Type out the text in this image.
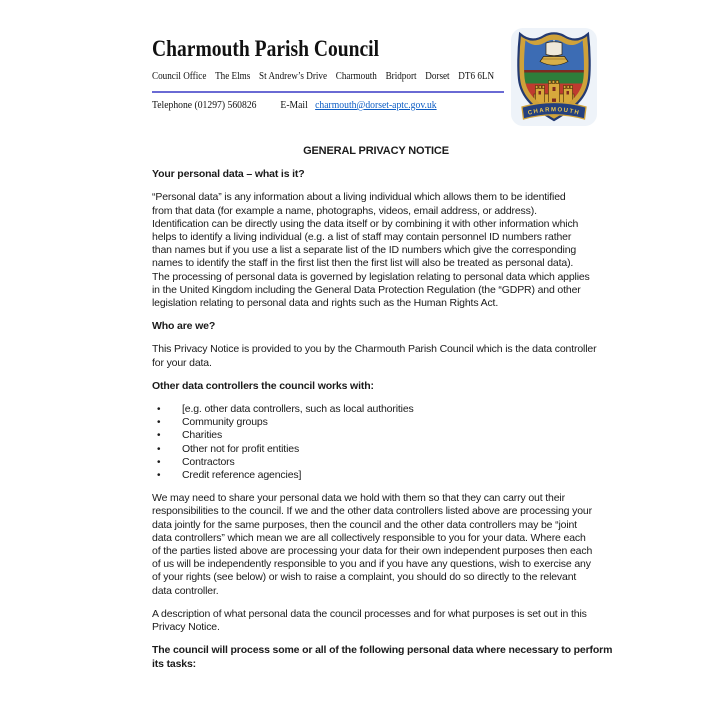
Charmouth Parish Council
Council Office The Elms St Andrew’s Drive Charmouth Bridport Dorset DT6 6LN
Telephone (01297) 560826 E-Mail charmouth@dorset-aptc.gov.uk
CHARMOUTH
GENERAL PRIVACY NOTICE
Your personal data – what is it?
“Personal data” is any information about a living individual which allows them to be identified
from that data (for example a name, photographs, videos, email address, or address).
Identification can be directly using the data itself or by combining it with other information which
helps to identify a living individual (e.g. a list of staff may contain personnel ID numbers rather
than names but if you use a list a separate list of the ID numbers which give the corresponding
names to identify the staff in the first list then the first list will also be treated as personal data).
The processing of personal data is governed by legislation relating to personal data which applies
in the United Kingdom including the General Data Protection Regulation (the “GDPR) and other
legislation relating to personal data and rights such as the Human Rights Act.
Who are we?
This Privacy Notice is provided to you by the Charmouth Parish Council which is the data controller
for your data.
Other data controllers the council works with:
•	[e.g. other data controllers, such as local authorities
•	Community groups
•	Charities
•	Other not for profit entities
•	Contractors
•	Credit reference agencies]
We may need to share your personal data we hold with them so that they can carry out their
responsibilities to the council. If we and the other data controllers listed above are processing your
data jointly for the same purposes, then the council and the other data controllers may be “joint
data controllers” which mean we are all collectively responsible to you for your data. Where each
of the parties listed above are processing your data for their own independent purposes then each
of us will be independently responsible to you and if you have any questions, wish to exercise any
of your rights (see below) or wish to raise a complaint, you should do so directly to the relevant
data controller.
A description of what personal data the council processes and for what purposes is set out in this
Privacy Notice.
The council will process some or all of the following personal data where necessary to perform
its tasks:
